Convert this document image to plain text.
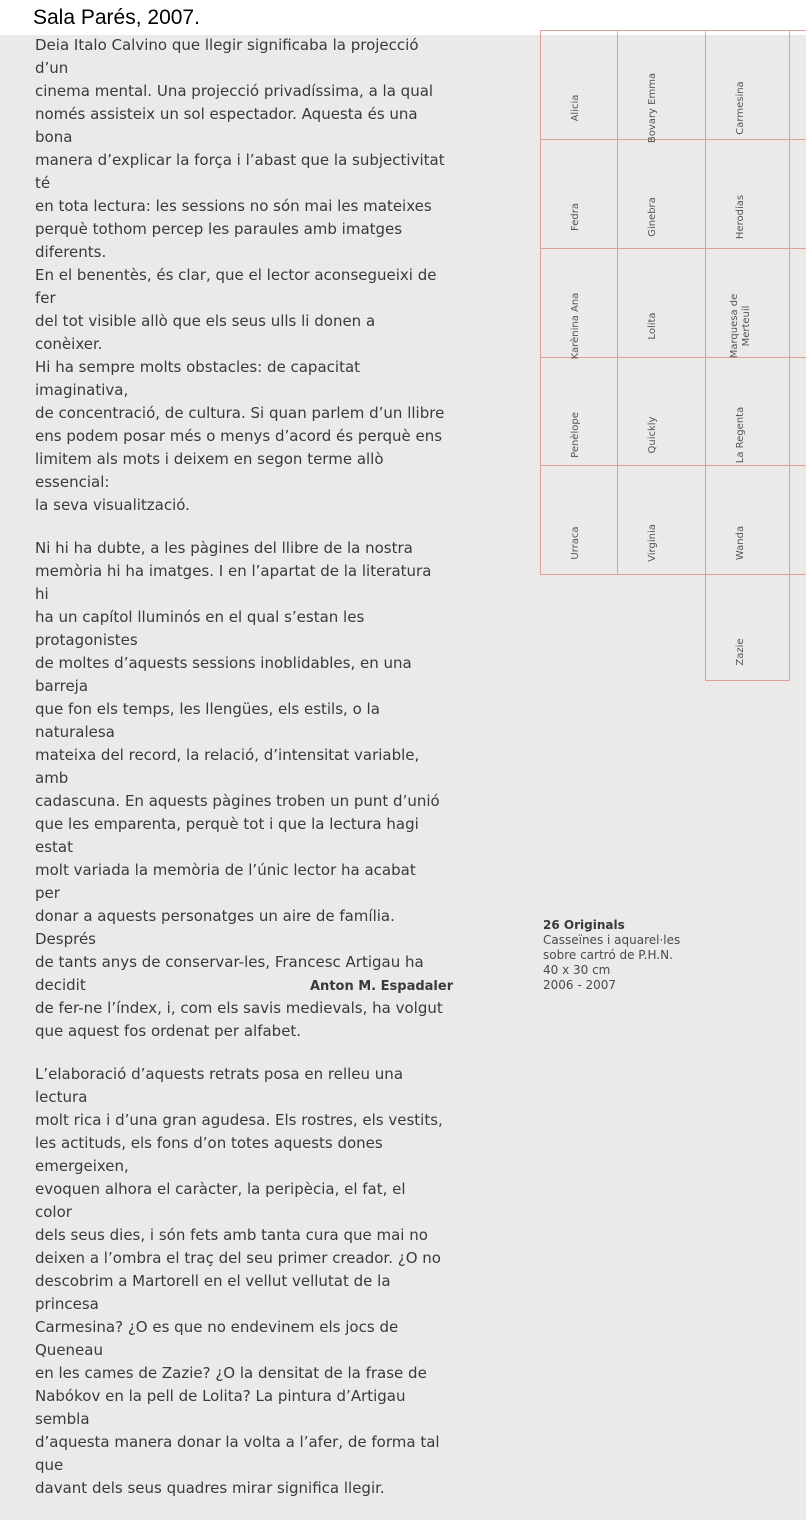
Sala Parés, 2007.

Deia Italo Calvino que llegir significaba la projecció d’un
cinema mental. Una projecció privadíssima, a la qual
només assisteix un sol espectador. Aquesta és una bona
manera d’explicar la força i l’abast que la subjectivitat té
en tota lectura: les sessions no són mai les mateixes
perquè tothom percep les paraules amb imatges diferents.
En el benentès, és clar, que el lector aconsegueixi de fer
del tot visible allò que els seus ulls li donen a conèixer.
Hi ha sempre molts obstacles: de capacitat imaginativa,
de concentració, de cultura. Si quan parlem d’un llibre
ens podem posar més o menys d’acord és perquè ens
limitem als mots i deixem en segon terme allò essencial:
la seva visualització.

Ni hi ha dubte, a les pàgines del llibre de la nostra
memòria hi ha imatges. I en l’apartat de la literatura hi
ha un capítol lluminós en el qual s’estan les protagonistes
de moltes d’aquests sessions inoblidables, en una barreja
que fon els temps, les llengües, els estils, o la naturalesa
mateixa del record, la relació, d’intensitat variable, amb
cadascuna. En aquests pàgines troben un punt d’unió
que les emparenta, perquè tot i que la lectura hagi estat
molt variada la memòria de l’únic lector ha acabat per
donar a aquests personatges un aire de família. Després
de tants anys de conservar-les, Francesc Artigau ha decidit
de fer-ne l’índex, i, com els savis medievals, ha volgut
que aquest fos ordenat per alfabet.

L’elaboració d’aquests retrats posa en relleu una lectura
molt rica i d’una gran agudesa. Els rostres, els vestits,
les actituds, els fons d’on totes aquests dones emergeixen,
evoquen alhora el caràcter, la peripècia, el fat, el color
dels seus dies, i són fets amb tanta cura que mai no
deixen a l’ombra el traç del seu primer creador. ¿O no
descobrim a Martorell en el vellut vellutat de la princesa
Carmesina? ¿O es que no endevinem els jocs de Queneau
en les cames de Zazie? ¿O la densitat de la frase de
Nabókov en la pell de Lolita? La pintura d’Artigau sembla
d’aquesta manera donar la volta a l’afer, de forma tal que
davant dels seus quadres mirar significa llegir.

Anton M. Espadaler
Alicia
Fedra
Karènina Ana
Penèlope
Urraca
Bovary Emma
Ginebra
Lolita
Quickly
Virginia
Carmesina
Herodías
Marquesa de
Merteuil
La Regenta
Wanda
Zazie
26 Originals
Casseïnes i aquarel·les
sobre cartró de P.H.N.
40 x 30 cm
2006 - 2007
